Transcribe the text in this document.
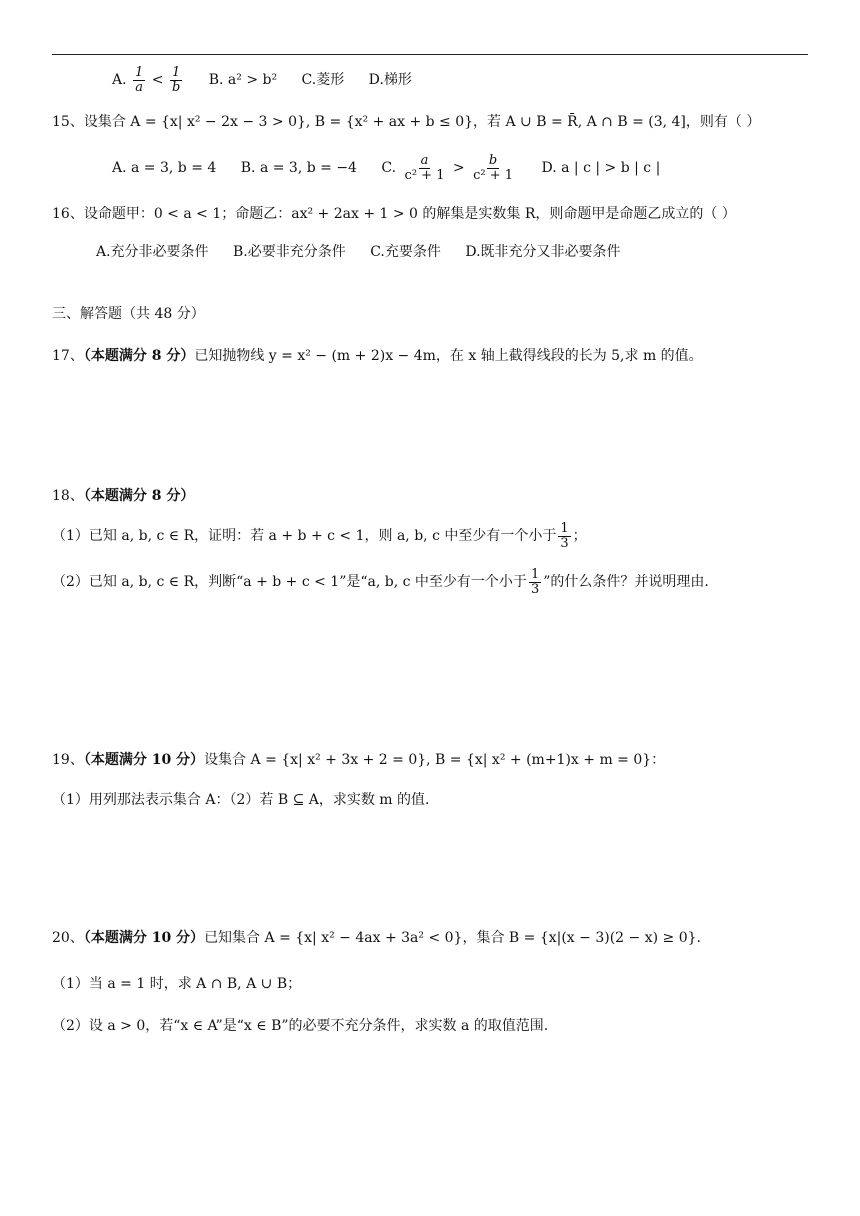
A. $\frac{1}{a} < \frac{1}{b} B$. a² > b² C.菱形 D.梯形
15、设集合 A = {x| x² − 2x − 3 > 0}, B = {x² + ax + b ≤ 0}，若 A ∪ B = R̄, A ∩ B = (3, 4]，则有（ ）
A. a = 3, b = 4 B. a = 3, b = −4 C. $\frac{a}{\text{c² + 1}} > \frac{b}{\text{c² + 1}} D$. a | c | > b | c |
16、设命题甲：0 < a < 1；命题乙：ax² + 2ax + 1 > 0 的解集是实数集 R，则命题甲是命题乙成立的（ ）
A.充分非必要条件 B.必要非充分条件 C.充要条件 D.既非充分又非必要条件
三、解答题（共 48 分）
17、（本题满分 8 分）已知抛物线 y = x² − (m + 2)x − 4m，在 x 轴上截得线段的长为 5,求 m 的值。
18、（本题满分 8 分）
（1）已知 a, b, c ∈ R，证明：若 a + b + c < 1，则 a, b, c 中至少有一个小于 $\frac{1}{3}$ ；
（2）已知 a, b, c ∈ R，判断“a + b + c < 1”是“a, b, c 中至少有一个小于 $\frac{1}{3}$ ”的什么条件？并说明理由.
19、（本题满分 10 分）设集合 A = {x| x² + 3x + 2 = 0}, B = {x| x² + (m+1)x + m = 0}：
（1）用列那法表示集合 A：（2）若 B ⊆ A，求实数 m 的值.
20、（本题满分 10 分）已知集合 A = {x| x² − 4ax + 3a² < 0}，集合 B = {x|(x − 3)(2 − x) ≥ 0}.
（1）当 a = 1 时，求 A ∩ B, A ∪ B；
（2）设 a > 0，若“x ∈ A”是“x ∈ B”的必要不充分条件，求实数 a 的取值范围.
